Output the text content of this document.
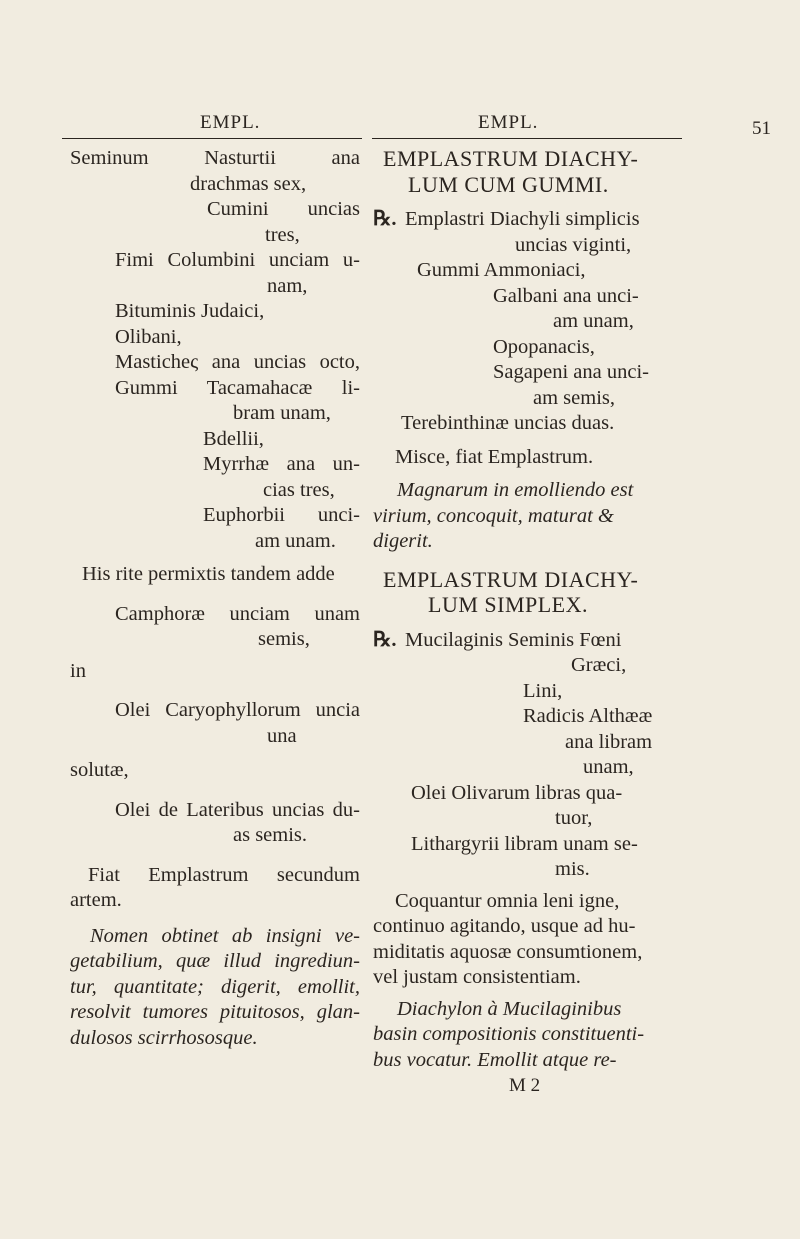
EMPL.	EMPL.	51
Seminum Nasturtii ana
drachmas sex,
Cumini uncias
tres,
Fimi Columbini unciam u-
nam,
Bituminis Judaici,
Olibani,
Masticheς ana uncias octo,
Gummi Tacamahacæ li-
bram unam,
Bdellii,
Myrrhæ ana un-
cias tres,
Euphorbii unci-
am unam.
His rite permixtis tandem adde
Camphoræ unciam unam
semis,
in
Olei Caryophyllorum uncia
una
solutæ,
Olei de Lateribus uncias du-
as semis.
Fiat Emplastrum secundum
artem.
Nomen obtinet ab insigni ve-
getabilium, quæ illud ingrediun-
tur, quantitate; digerit, emollit,
resolvit tumores pituitosos, glan-
dulosos scirrhososque.
EMPLASTRUM DIACHY-
LUM CUM GUMMI.
℞. Emplastri Diachyli simplicis
uncias viginti,
Gummi Ammoniaci,
Galbani ana unci-
am unam,
Opopanacis,
Sagapeni ana unci-
am semis,
Terebinthinæ uncias duas.
Misce, fiat Emplastrum.
Magnarum in emolliendo est
virium, concoquit, maturat &
digerit.
EMPLASTRUM DIACHY-
LUM SIMPLEX.
℞. Mucilaginis Seminis Fœni
Græci,
Lini,
Radicis Althææ
ana libram
unam,
Olei Olivarum libras qua-
tuor,
Lithargyrii libram unam se-
mis.
Coquantur omnia leni igne,
continuo agitando, usque ad hu-
miditatis aquosæ consumtionem,
vel justam consistentiam.
Diachylon à Mucilaginibus
basin compositionis constituenti-
bus vocatur. Emollit atque re-
M 2
